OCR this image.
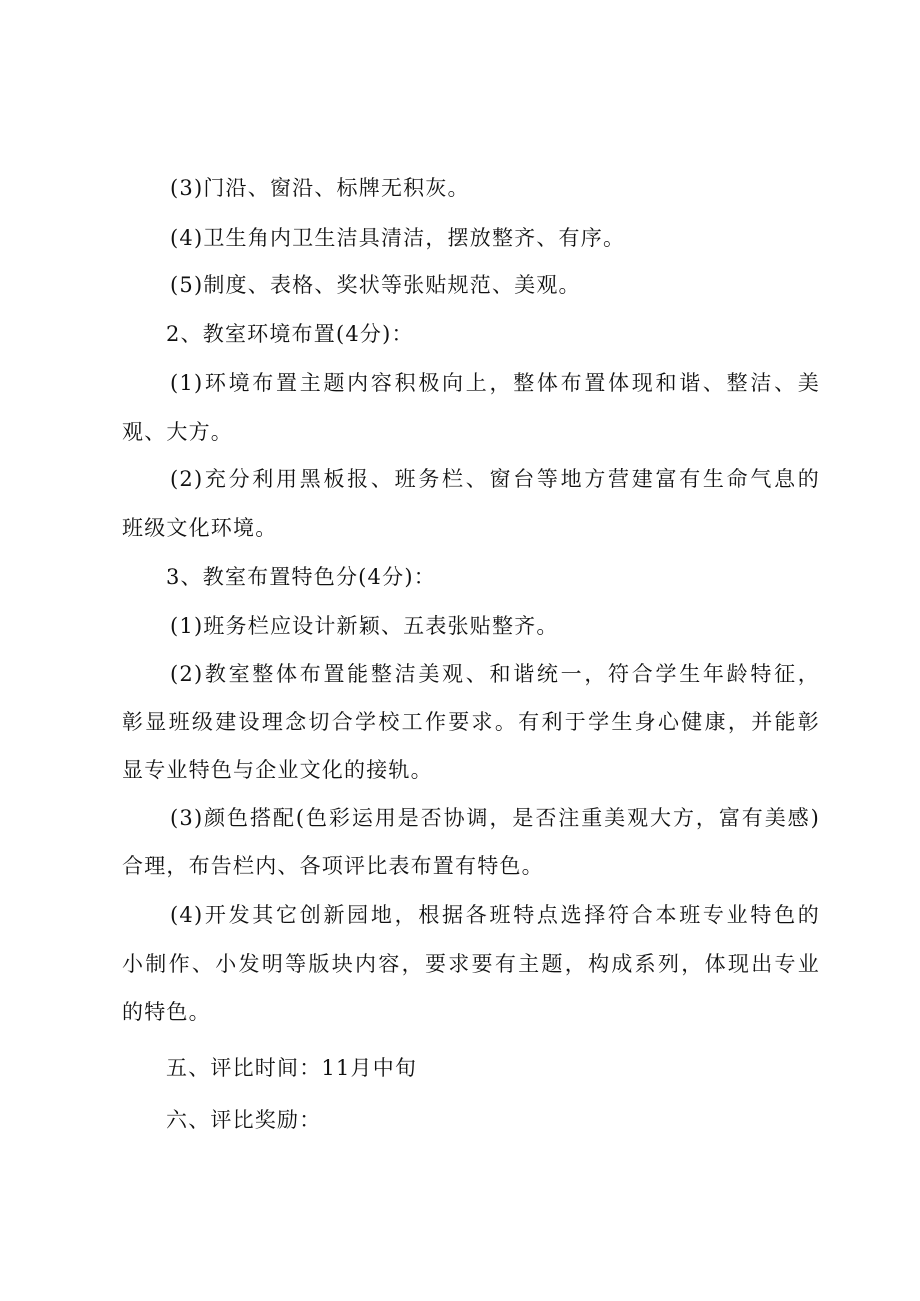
(3)门沿、窗沿、标牌无积灰。
(4)卫生角内卫生洁具清洁，摆放整齐、有序。
(5)制度、表格、奖状等张贴规范、美观。
2、教室环境布置(4分)：
(1)环境布置主题内容积极向上，整体布置体现和谐、整洁、美
观、大方。
(2)充分利用黑板报、班务栏、窗台等地方营建富有生命气息的
班级文化环境。
3、教室布置特色分(4分)：
(1)班务栏应设计新颖、五表张贴整齐。
(2)教室整体布置能整洁美观、和谐统一，符合学生年龄特征，
彰显班级建设理念切合学校工作要求。有利于学生身心健康，并能彰
显专业特色与企业文化的接轨。
(3)颜色搭配(色彩运用是否协调，是否注重美观大方，富有美感)
合理，布告栏内、各项评比表布置有特色。
(4)开发其它创新园地，根据各班特点选择符合本班专业特色的
小制作、小发明等版块内容，要求要有主题，构成系列，体现出专业
的特色。
五、评比时间：11月中旬
六、评比奖励：
